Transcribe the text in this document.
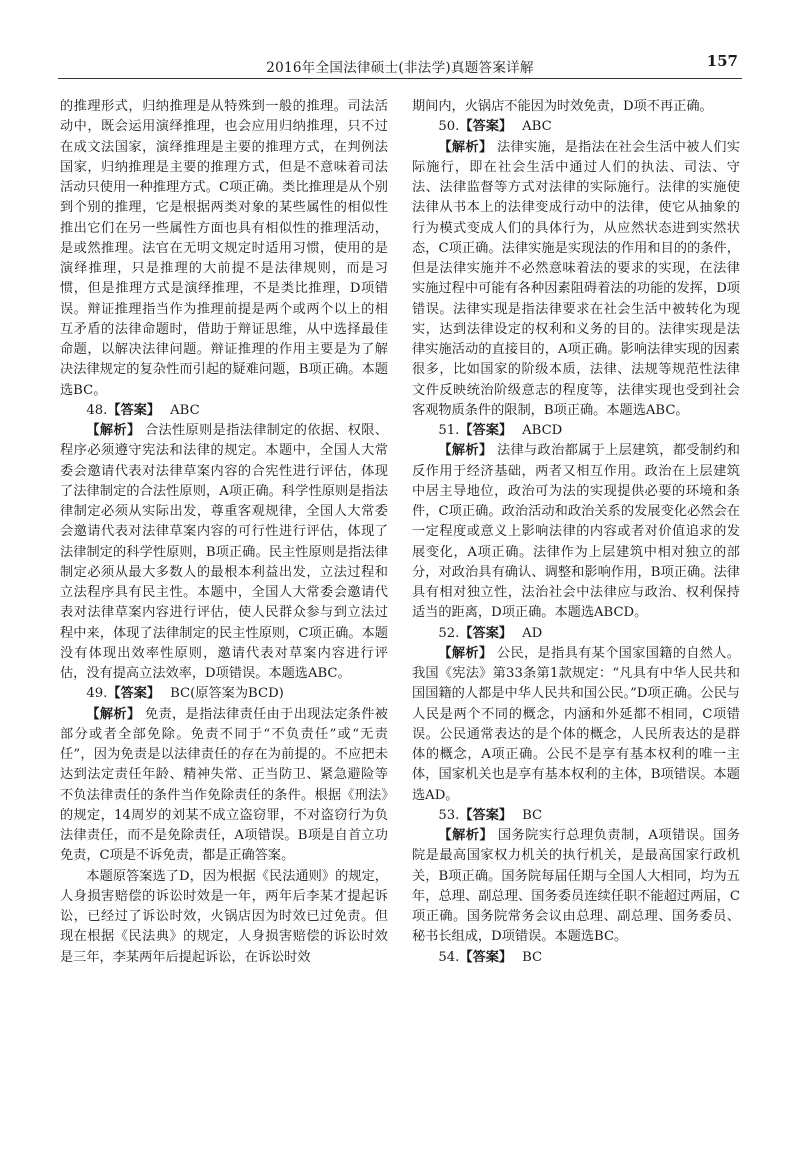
2016年全国法律硕士(非法学)真题答案详解	157

的推理形式，归纳推理是从特殊到一般的推理。司法活动中，既会运用演绎推理，也会应用归纳推理，只不过在成文法国家，演绎推理是主要的推理方式，在判例法国家，归纳推理是主要的推理方式，但是不意味着司法活动只使用一种推理方式。C项正确。类比推理是从个别到个别的推理，它是根据两类对象的某些属性的相似性推出它们在另一些属性方面也具有相似性的推理活动，是或然推理。法官在无明文规定时适用习惯，使用的是演绎推理，只是推理的大前提不是法律规则，而是习惯，但是推理方式是演绎推理，不是类比推理，D项错误。辩证推理指当作为推理前提是两个或两个以上的相互矛盾的法律命题时，借助于辩证思维，从中选择最佳命题，以解决法律问题。辩证推理的作用主要是为了解决法律规定的复杂性而引起的疑难问题，B项正确。本题选BC。

48.【答案】 ABC

【解析】 合法性原则是指法律制定的依据、权限、程序必须遵守宪法和法律的规定。本题中，全国人大常委会邀请代表对法律草案内容的合宪性进行评估，体现了法律制定的合法性原则，A项正确。科学性原则是指法律制定必须从实际出发，尊重客观规律，全国人大常委会邀请代表对法律草案内容的可行性进行评估，体现了法律制定的科学性原则，B项正确。民主性原则是指法律制定必须从最大多数人的最根本利益出发，立法过程和立法程序具有民主性。本题中，全国人大常委会邀请代表对法律草案内容进行评估，使人民群众参与到立法过程中来，体现了法律制定的民主性原则，C项正确。本题没有体现出效率性原则，邀请代表对草案内容进行评估，没有提高立法效率，D项错误。本题选ABC。

49.【答案】 BC(原答案为BCD)

【解析】 免责，是指法律责任由于出现法定条件被部分或者全部免除。免责不同于“不负责任”或“无责任”，因为免责是以法律责任的存在为前提的。不应把未达到法定责任年龄、精神失常、正当防卫、紧急避险等不负法律责任的条件当作免除责任的条件。根据《刑法》的规定，14周岁的刘某不成立盗窃罪，不对盗窃行为负法律责任，而不是免除责任，A项错误。B项是自首立功免责，C项是不诉免责，都是正确答案。

本题原答案选了D，因为根据《民法通则》的规定，人身损害赔偿的诉讼时效是一年，两年后李某才提起诉讼，已经过了诉讼时效，火锅店因为时效已过免责。但现在根据《民法典》的规定，人身损害赔偿的诉讼时效是三年，李某两年后提起诉讼，在诉讼时效

期间内，火锅店不能因为时效免责，D项不再正确。

50.【答案】 ABC

【解析】 法律实施，是指法在社会生活中被人们实际施行，即在社会生活中通过人们的执法、司法、守法、法律监督等方式对法律的实际施行。法律的实施使法律从书本上的法律变成行动中的法律，使它从抽象的行为模式变成人们的具体行为，从应然状态进到实然状态，C项正确。法律实施是实现法的作用和目的的条件，但是法律实施并不必然意味着法的要求的实现，在法律实施过程中可能有各种因素阻碍着法的功能的发挥，D项错误。法律实现是指法律要求在社会生活中被转化为现实，达到法律设定的权利和义务的目的。法律实现是法律实施活动的直接目的，A项正确。影响法律实现的因素很多，比如国家的阶级本质，法律、法规等规范性法律文件反映统治阶级意志的程度等，法律实现也受到社会客观物质条件的限制，B项正确。本题选ABC。

51.【答案】 ABCD

【解析】 法律与政治都属于上层建筑，都受制约和反作用于经济基础，两者又相互作用。政治在上层建筑中居主导地位，政治可为法的实现提供必要的环境和条件，C项正确。政治活动和政治关系的发展变化必然会在一定程度或意义上影响法律的内容或者对价值追求的发展变化，A项正确。法律作为上层建筑中相对独立的部分，对政治具有确认、调整和影响作用，B项正确。法律具有相对独立性，法治社会中法律应与政治、权利保持适当的距离，D项正确。本题选ABCD。

52.【答案】 AD

【解析】 公民，是指具有某个国家国籍的自然人。我国《宪法》第33条第1款规定：“凡具有中华人民共和国国籍的人都是中华人民共和国公民。”D项正确。公民与人民是两个不同的概念，内涵和外延都不相同，C项错误。公民通常表达的是个体的概念，人民所表达的是群体的概念，A项正确。公民不是享有基本权利的唯一主体，国家机关也是享有基本权利的主体，B项错误。本题选AD。

53.【答案】 BC

【解析】 国务院实行总理负责制，A项错误。国务院是最高国家权力机关的执行机关，是最高国家行政机关，B项正确。国务院每届任期与全国人大相同，均为五年，总理、副总理、国务委员连续任职不能超过两届，C项正确。国务院常务会议由总理、副总理、国务委员、秘书长组成，D项错误。本题选BC。

54.【答案】 BC
